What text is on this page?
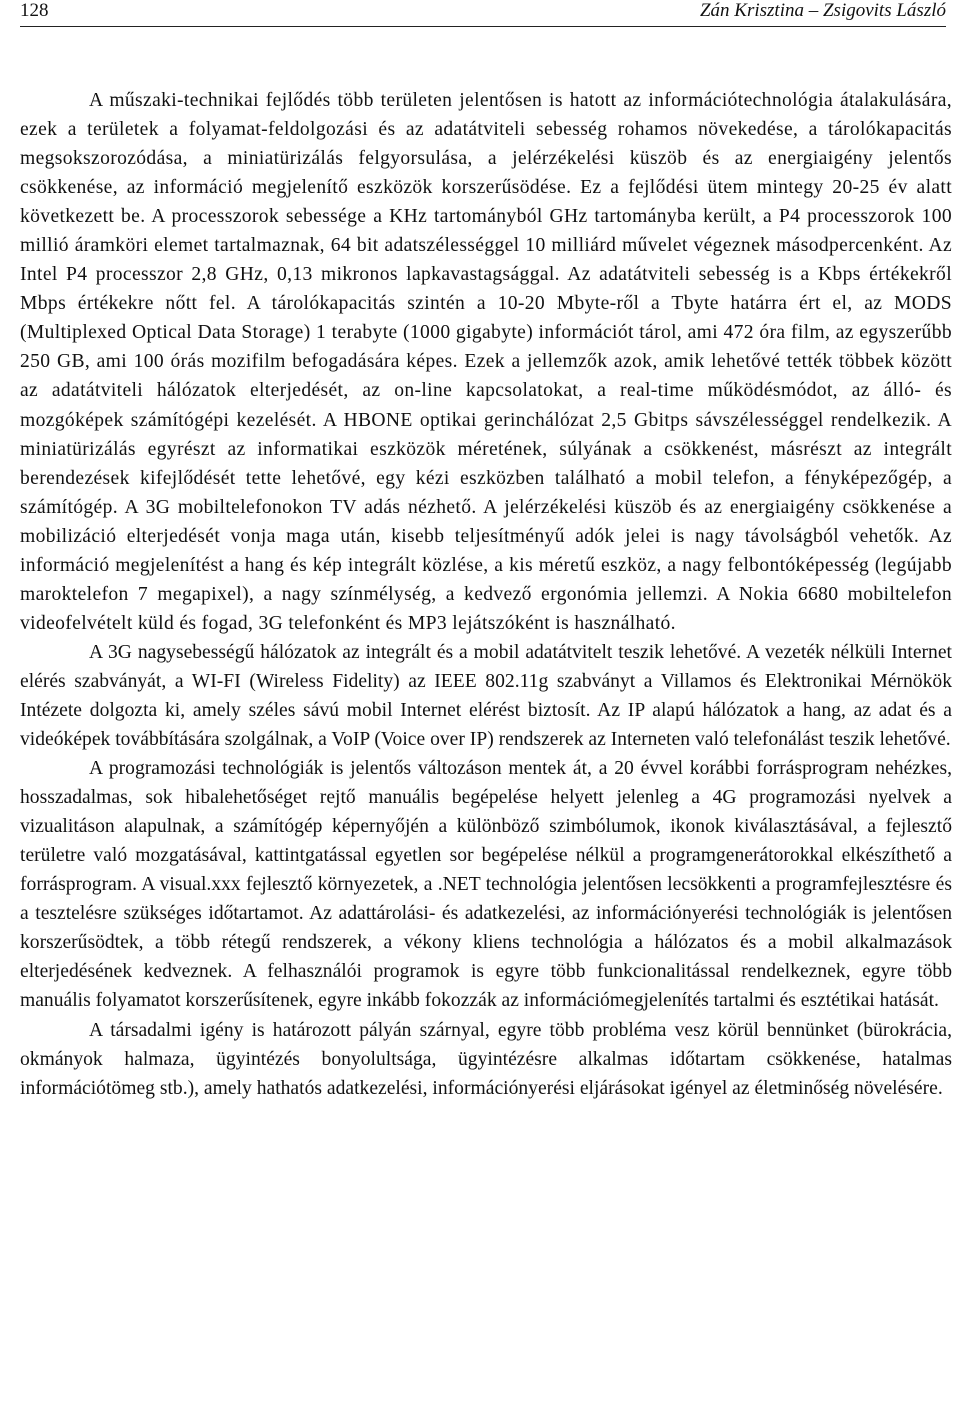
128	Zán Krisztina – Zsigovits László

A műszaki-technikai fejlődés több területen jelentősen is hatott az információtechnológia átalakulására, ezek a területek a folyamat-feldolgozási és az adatátviteli sebesség rohamos növekedése, a tárolókapacitás megsokszorozódása, a miniatürizálás felgyorsulása, a jelérzékelési küszöb és az energiaigény jelentős csökkenése, az információ megjelenítő eszközök korszerűsödése. Ez a fejlődési ütem mintegy 20-25 év alatt következett be. A processzorok sebessége a KHz tartományból GHz tartományba került, a P4 processzorok 100 millió áramköri elemet tartalmaznak, 64 bit adatszélességgel 10 milliárd művelet végeznek másodpercenként. Az Intel P4 processzor 2,8 GHz, 0,13 mikronos lapkavastagsággal. Az adatátviteli sebesség is a Kbps értékekről Mbps értékekre nőtt fel. A tárolókapacitás szintén a 10-20 Mbyte-ről a Tbyte határra ért el, az MODS (Multiplexed Optical Data Storage) 1 terabyte (1000 gigabyte) információt tárol, ami 472 óra film, az egyszerűbb 250 GB, ami 100 órás mozifilm befogadására képes. Ezek a jellemzők azok, amik lehetővé tették többek között az adatátviteli hálózatok elterjedését, az on-line kapcsolatokat, a real-time működésmódot, az álló- és mozgóképek számítógépi kezelését. A HBONE optikai gerinchálózat 2,5 Gbitps sávszélességgel rendelkezik. A miniatürizálás egyrészt az informatikai eszközök méretének, súlyának a csökkenést, másrészt az integrált berendezések kifejlődését tette lehetővé, egy kézi eszközben található a mobil telefon, a fényképezőgép, a számítógép. A 3G mobiltelefonokon TV adás nézhető. A jelérzékelési küszöb és az energiaigény csökkenése a mobilizáció elterjedését vonja maga után, kisebb teljesítményű adók jelei is nagy távolságból vehetők. Az információ megjelenítést a hang és kép integrált közlése, a kis méretű eszköz, a nagy felbontóképesség (legújabb maroktelefon 7 megapixel), a nagy színmélység, a kedvező ergonómia jellemzi. A Nokia 6680 mobiltelefon videofelvételt küld és fogad, 3G telefonként és MP3 lejátszóként is használható.

A 3G nagysebességű hálózatok az integrált és a mobil adatátvitelt teszik lehetővé. A vezeték nélküli Internet elérés szabványát, a WI-FI (Wireless Fidelity) az IEEE 802.11g szabványt a Villamos és Elektronikai Mérnökök Intézete dolgozta ki, amely széles sávú mobil Internet elérést biztosít. Az IP alapú hálózatok a hang, az adat és a videóképek továbbítására szolgálnak, a VoIP (Voice over IP) rendszerek az Interneten való telefonálást teszik lehetővé.

A programozási technológiák is jelentős változáson mentek át, a 20 évvel korábbi forrásprogram nehézkes, hosszadalmas, sok hibalehetőséget rejtő manuális begépelése helyett jelenleg a 4G programozási nyelvek a vizualitáson alapulnak, a számítógép képernyőjén a különböző szimbólumok, ikonok kiválasztásával, a fejlesztő területre való mozgatásával, kattintgatással egyetlen sor begépelése nélkül a programgenerátorokkal elkészíthető a forrásprogram. A visual.xxx fejlesztő környezetek, a .NET technológia jelentősen lecsökkenti a programfejlesztésre és a tesztelésre szükséges időtartamot. Az adattárolási- és adatkezelési, az információnyerési technológiák is jelentősen korszerűsödtek, a több rétegű rendszerek, a vékony kliens technológia a hálózatos és a mobil alkalmazások elterjedésének kedveznek. A felhasználói programok is egyre több funkcionalitással rendelkeznek, egyre több manuális folyamatot korszerűsítenek, egyre inkább fokozzák az információmegjelenítés tartalmi és esztétikai hatását.

A társadalmi igény is határozott pályán szárnyal, egyre több probléma vesz körül bennünket (bürokrácia, okmányok halmaza, ügyintézés bonyolultsága, ügyintézésre alkalmas időtartam csökkenése, hatalmas információtömeg stb.), amely hathatós adatkezelési, információnyerési eljárásokat igényel az életminőség növelésére.
